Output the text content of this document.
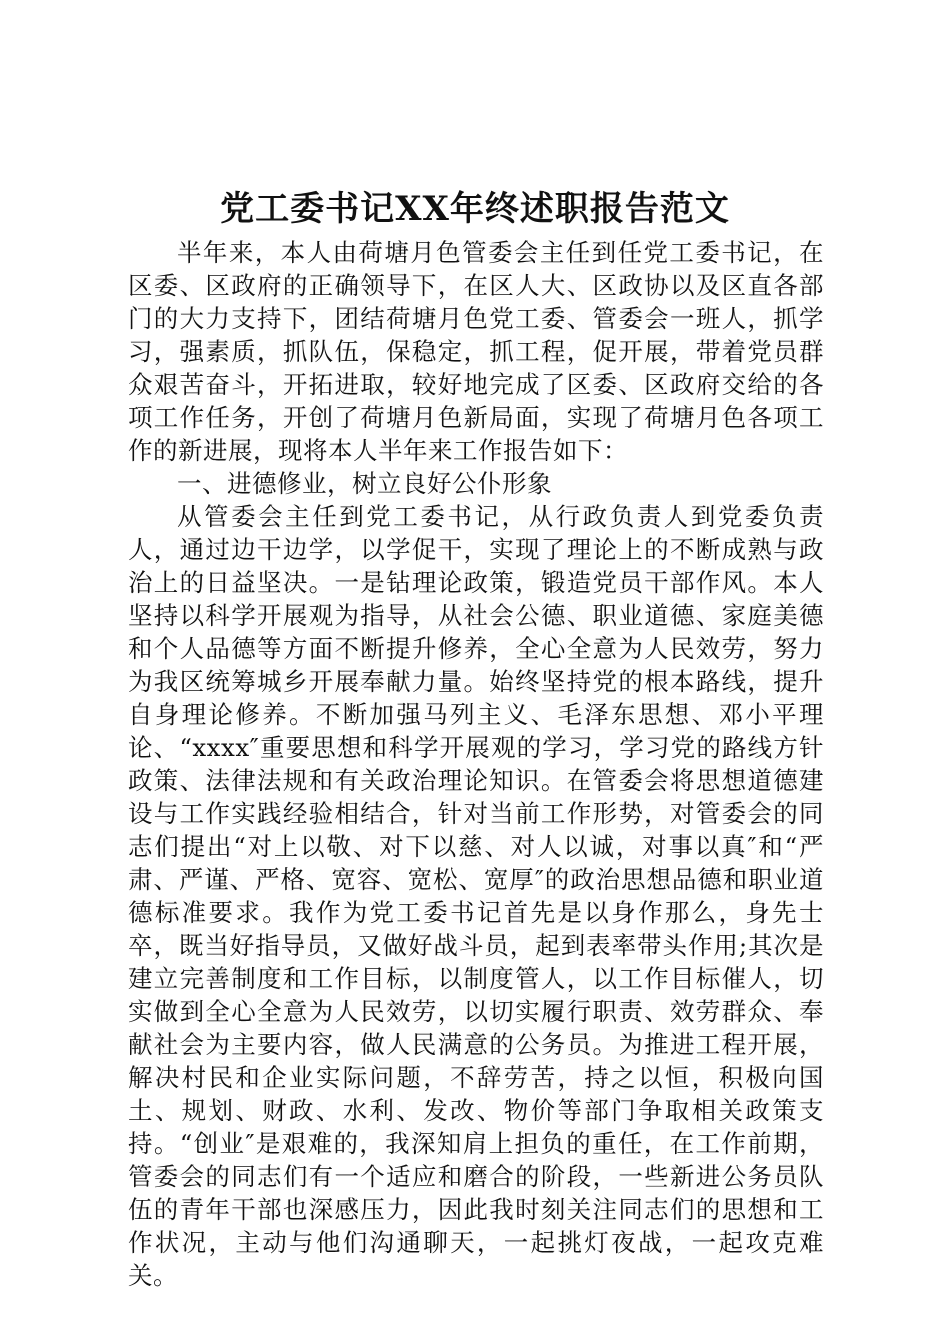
党工委书记XX年终述职报告范文

半年来，本人由荷塘月色管委会主任到任党工委书记，在区委、区政府的正确领导下，在区人大、区政协以及区直各部门的大力支持下，团结荷塘月色党工委、管委会一班人，抓学习，强素质，抓队伍，保稳定，抓工程，促开展，带着党员群众艰苦奋斗，开拓进取，较好地完成了区委、区政府交给的各项工作任务，开创了荷塘月色新局面，实现了荷塘月色各项工作的新进展，现将本人半年来工作报告如下：

一、进德修业，树立良好公仆形象

从管委会主任到党工委书记，从行政负责人到党委负责人，通过边干边学，以学促干，实现了理论上的不断成熟与政治上的日益坚决。一是钻理论政策，锻造党员干部作风。本人坚持以科学开展观为指导，从社会公德、职业道德、家庭美德和个人品德等方面不断提升修养，全心全意为人民效劳，努力为我区统筹城乡开展奉献力量。始终坚持党的根本路线，提升自身理论修养。不断加强马列主义、毛泽东思想、邓小平理论、“xxxx″重要思想和科学开展观的学习，学习党的路线方针政策、法律法规和有关政治理论知识。在管委会将思想道德建设与工作实践经验相结合，针对当前工作形势，对管委会的同志们提出“对上以敬、对下以慈、对人以诚，对事以真″和“严肃、严谨、严格、宽容、宽松、宽厚″的政治思想品德和职业道德标准要求。我作为党工委书记首先是以身作那么，身先士卒，既当好指导员，又做好战斗员，起到表率带头作用;其次是建立完善制度和工作目标，以制度管人，以工作目标催人，切实做到全心全意为人民效劳，以切实履行职责、效劳群众、奉献社会为主要内容，做人民满意的公务员。为推进工程开展，解决村民和企业实际问题，不辞劳苦，持之以恒，积极向国土、规划、财政、水利、发改、物价等部门争取相关政策支持。“创业″是艰难的，我深知肩上担负的重任，在工作前期，管委会的同志们有一个适应和磨合的阶段，一些新进公务员队伍的青年干部也深感压力，因此我时刻关注同志们的思想和工作状况，主动与他们沟通聊天，一起挑灯夜战，一起攻克难关。
